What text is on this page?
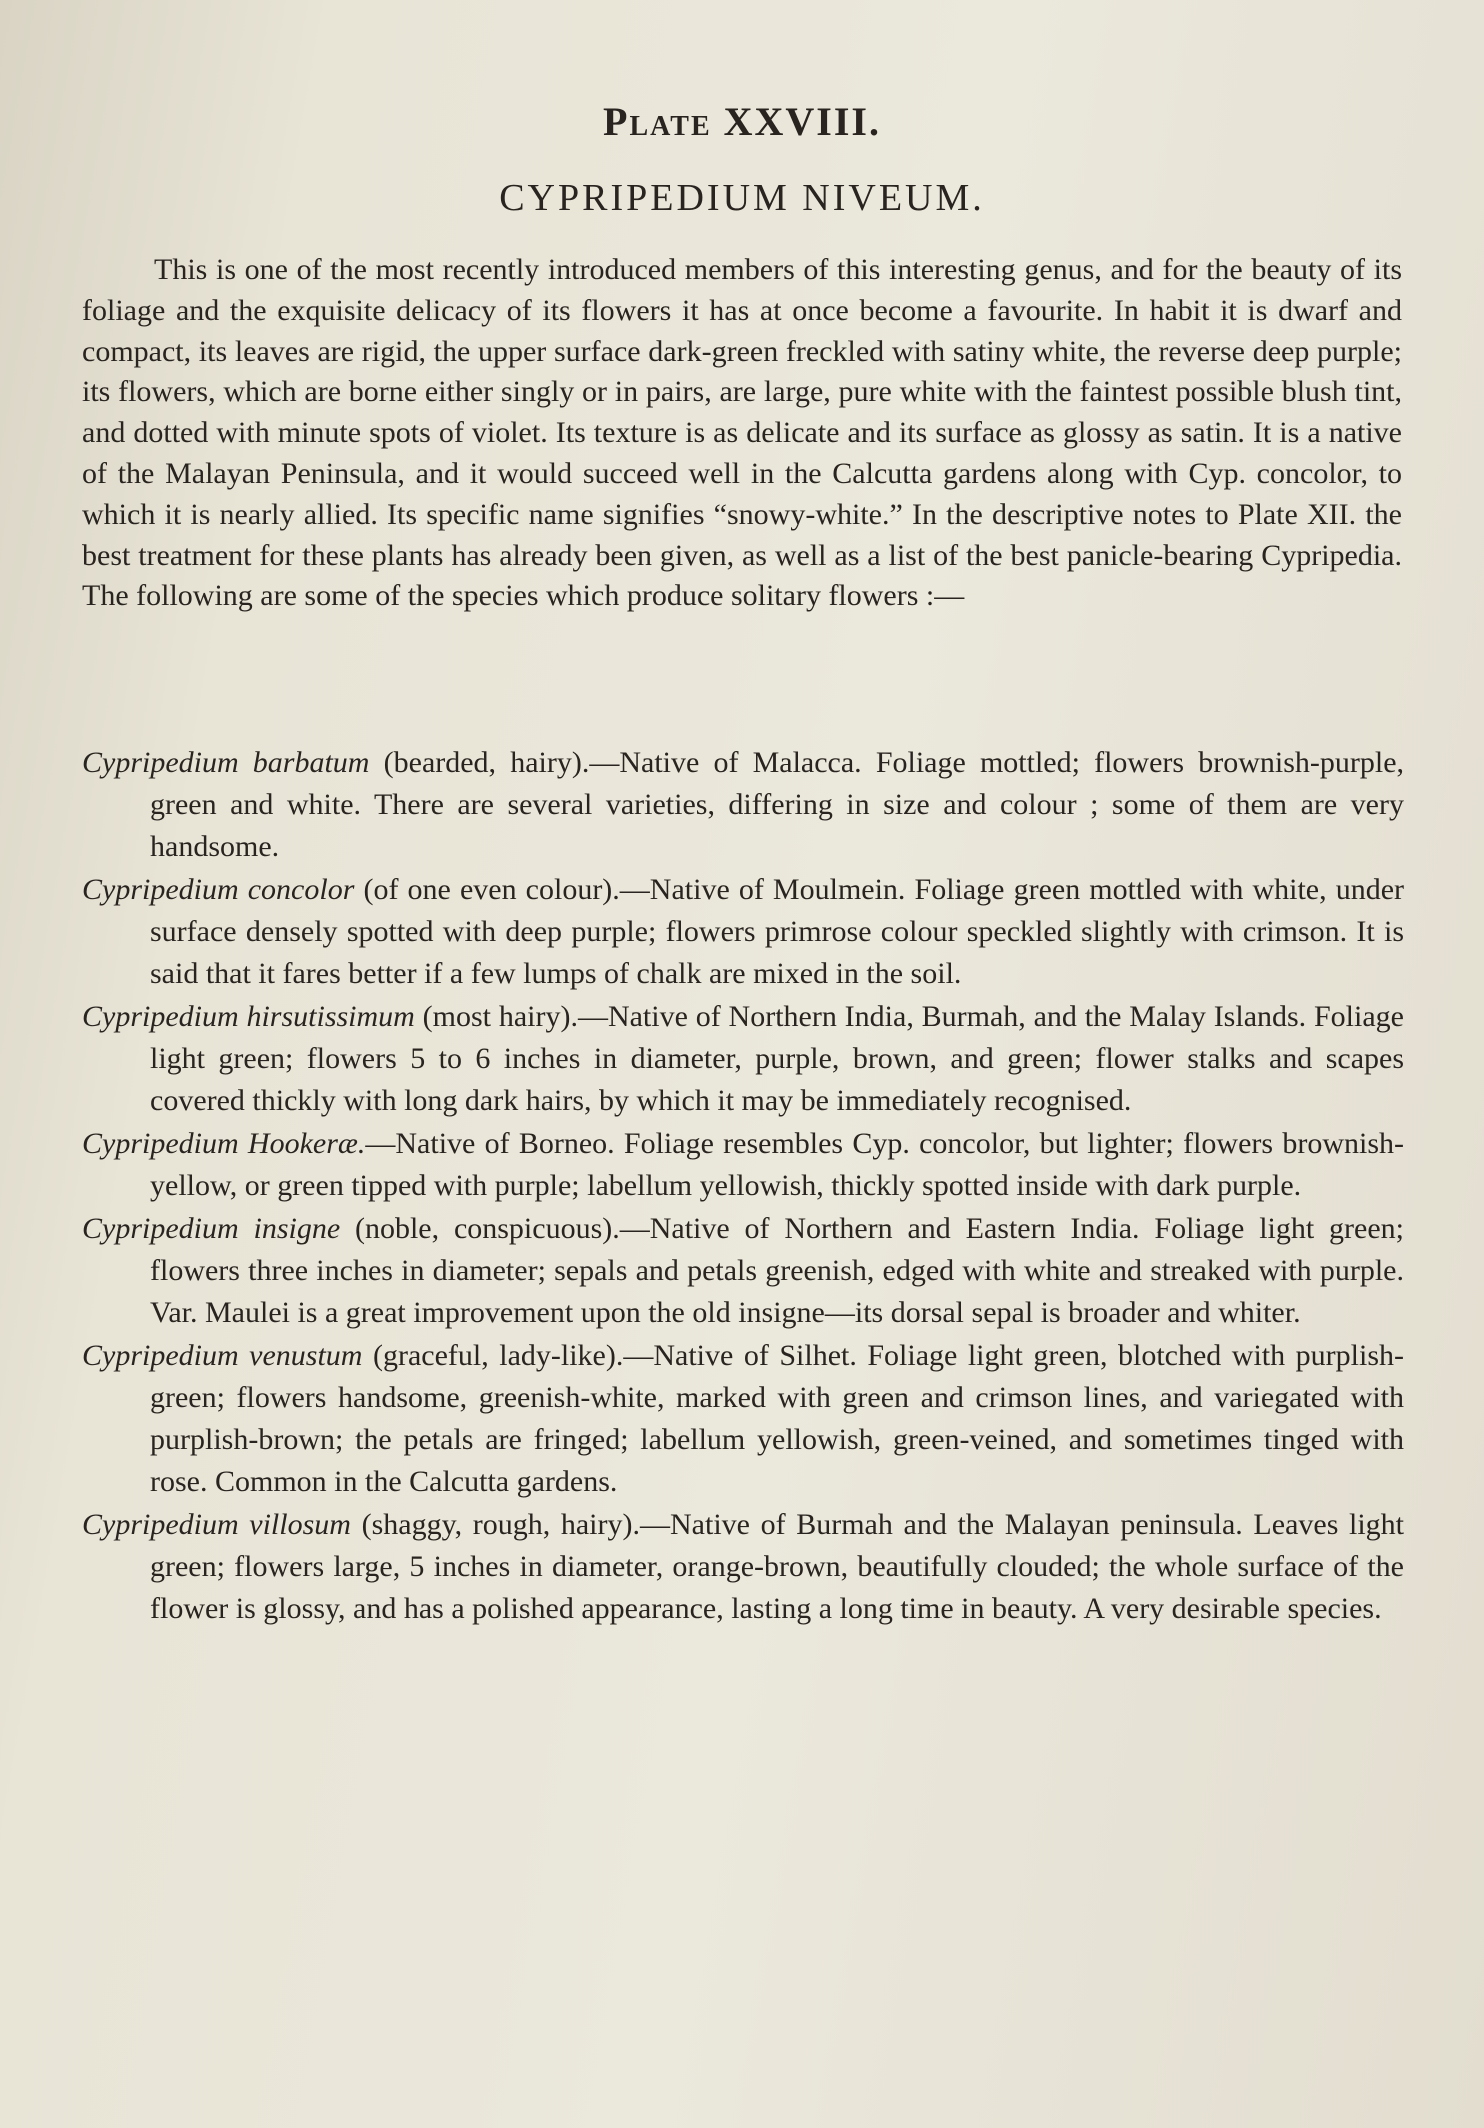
Plate XXVIII.
CYPRIPEDIUM NIVEUM.

This is one of the most recently introduced members of this interesting genus, and for the beauty of its foliage and the exquisite delicacy of its flowers it has at once become a favourite. In habit it is dwarf and compact, its leaves are rigid, the upper surface dark-green freckled with satiny white, the reverse deep purple; its flowers, which are borne either singly or in pairs, are large, pure white with the faintest possible blush tint, and dotted with minute spots of violet. Its texture is as delicate and its surface as glossy as satin. It is a native of the Malayan Peninsula, and it would succeed well in the Calcutta gardens along with Cyp. concolor, to which it is nearly allied. Its specific name signifies “snowy-white.” In the descriptive notes to Plate XII. the best treatment for these plants has already been given, as well as a list of the best panicle-bearing Cypripedia. The following are some of the species which produce solitary flowers :—

Cypripedium barbatum (bearded, hairy).—Native of Malacca. Foliage mottled; flowers brownish-purple, green and white. There are several varieties, differing in size and colour ; some of them are very handsome.
Cypripedium concolor (of one even colour).—Native of Moulmein. Foliage green mottled with white, under surface densely spotted with deep purple; flowers primrose colour speckled slightly with crimson. It is said that it fares better if a few lumps of chalk are mixed in the soil.
Cypripedium hirsutissimum (most hairy).—Native of Northern India, Burmah, and the Malay Islands. Foliage light green; flowers 5 to 6 inches in diameter, purple, brown, and green; flower stalks and scapes covered thickly with long dark hairs, by which it may be immediately recognised.
Cypripedium Hookeræ.—Native of Borneo. Foliage resembles Cyp. concolor, but lighter; flowers brownish-yellow, or green tipped with purple; labellum yellowish, thickly spotted inside with dark purple.
Cypripedium insigne (noble, conspicuous).—Native of Northern and Eastern India. Foliage light green; flowers three inches in diameter; sepals and petals greenish, edged with white and streaked with purple. Var. Maulei is a great improvement upon the old insigne—its dorsal sepal is broader and whiter.
Cypripedium venustum (graceful, lady-like).—Native of Silhet. Foliage light green, blotched with purplish-green; flowers handsome, greenish-white, marked with green and crimson lines, and variegated with purplish-brown; the petals are fringed; labellum yellowish, green-veined, and sometimes tinged with rose. Common in the Calcutta gardens.
Cypripedium villosum (shaggy, rough, hairy).—Native of Burmah and the Malayan peninsula. Leaves light green; flowers large, 5 inches in diameter, orange-brown, beautifully clouded; the whole surface of the flower is glossy, and has a polished appearance, lasting a long time in beauty. A very desirable species.
